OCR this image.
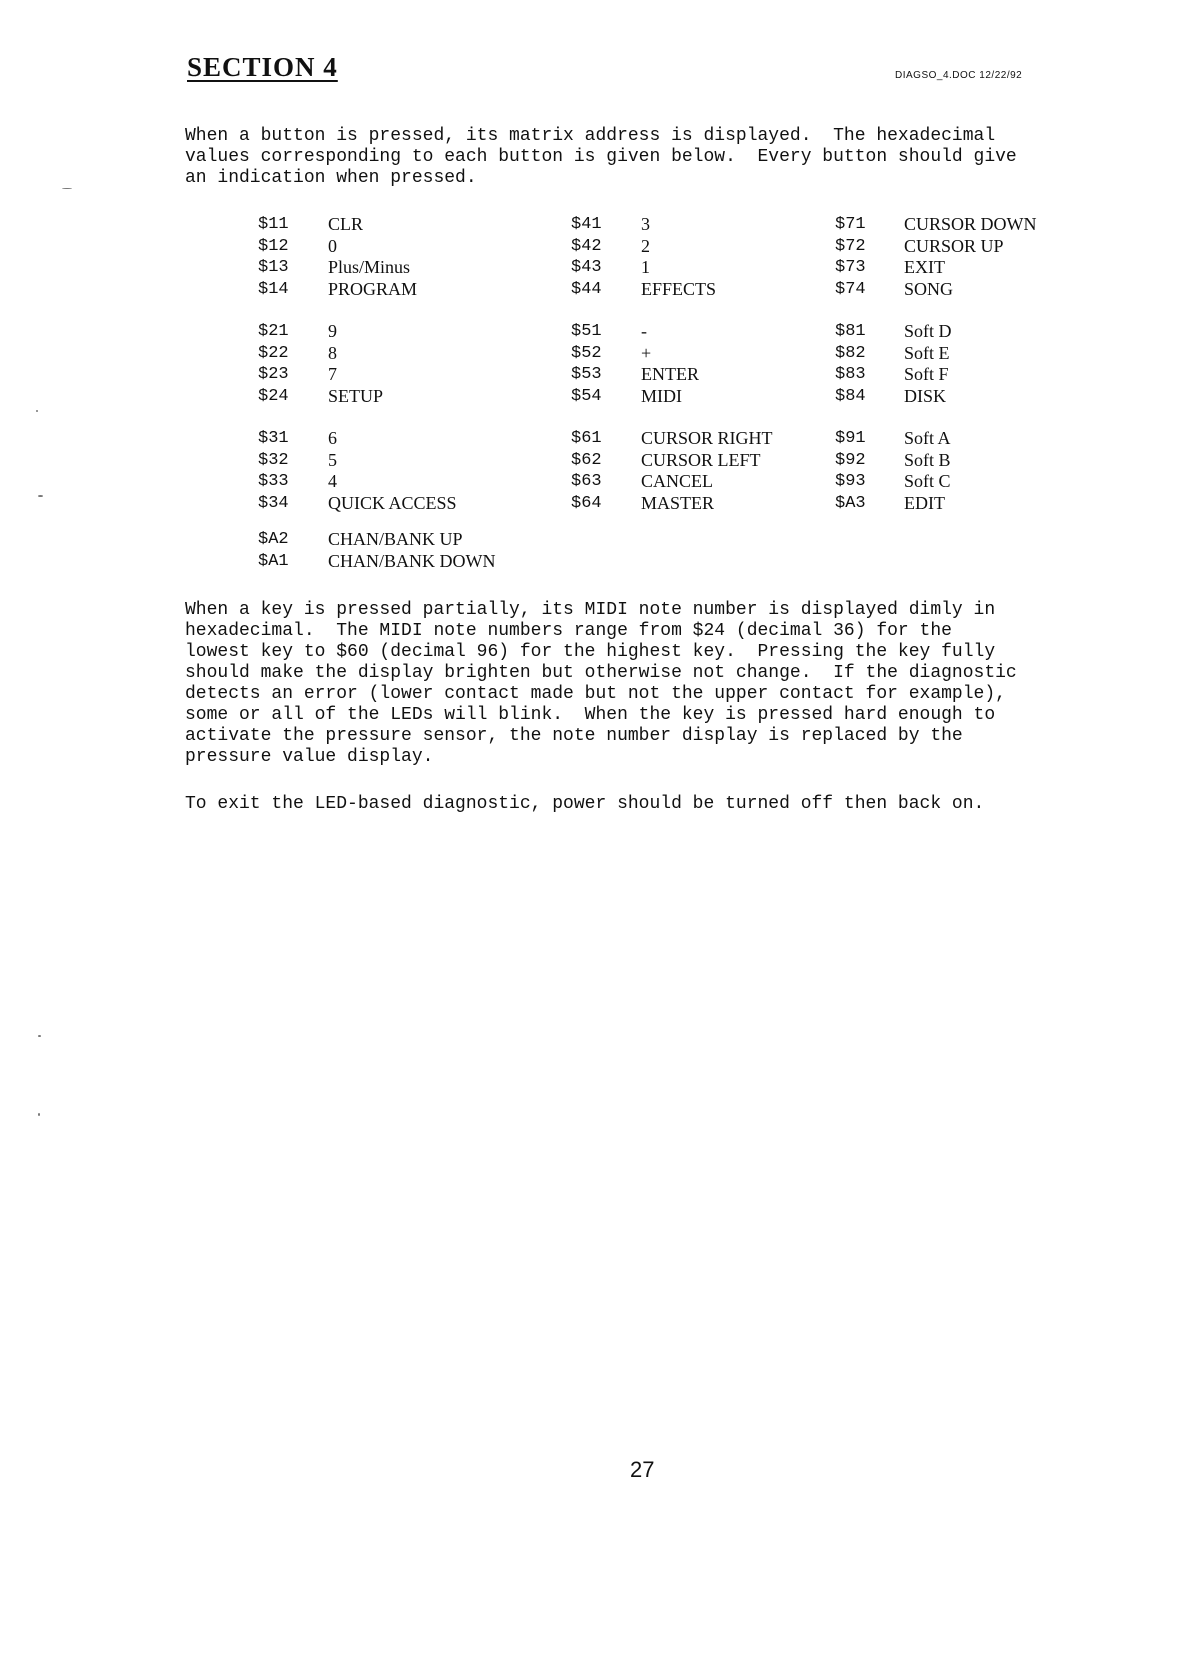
SECTION 4	DIAGSO_4.DOC 12/22/92

When a button is pressed, its matrix address is displayed.  The hexadecimal
values corresponding to each button is given below.  Every button should give
an indication when pressed.

$11 CLR	$41 3	$71 CURSOR DOWN
$12 0	$42 2	$72 CURSOR UP
$13 Plus/Minus	$43 1	$73 EXIT
$14 PROGRAM	$44 EFFECTS	$74 SONG
$21 9	$51 -	$81 Soft D
$22 8	$52 +	$82 Soft E
$23 7	$53 ENTER	$83 Soft F
$24 SETUP	$54 MIDI	$84 DISK
$31 6	$61 CURSOR RIGHT	$91 Soft A
$32 5	$62 CURSOR LEFT	$92 Soft B
$33 4	$63 CANCEL	$93 Soft C
$34 QUICK ACCESS	$64 MASTER	$A3 EDIT
$A2 CHAN/BANK UP
$A1 CHAN/BANK DOWN

When a key is pressed partially, its MIDI note number is displayed dimly in
hexadecimal.  The MIDI note numbers range from $24 (decimal 36) for the
lowest key to $60 (decimal 96) for the highest key.  Pressing the key fully
should make the display brighten but otherwise not change.  If the diagnostic
detects an error (lower contact made but not the upper contact for example),
some or all of the LEDs will blink.  When the key is pressed hard enough to
activate the pressure sensor, the note number display is replaced by the
pressure value display.

To exit the LED-based diagnostic, power should be turned off then back on.

27
